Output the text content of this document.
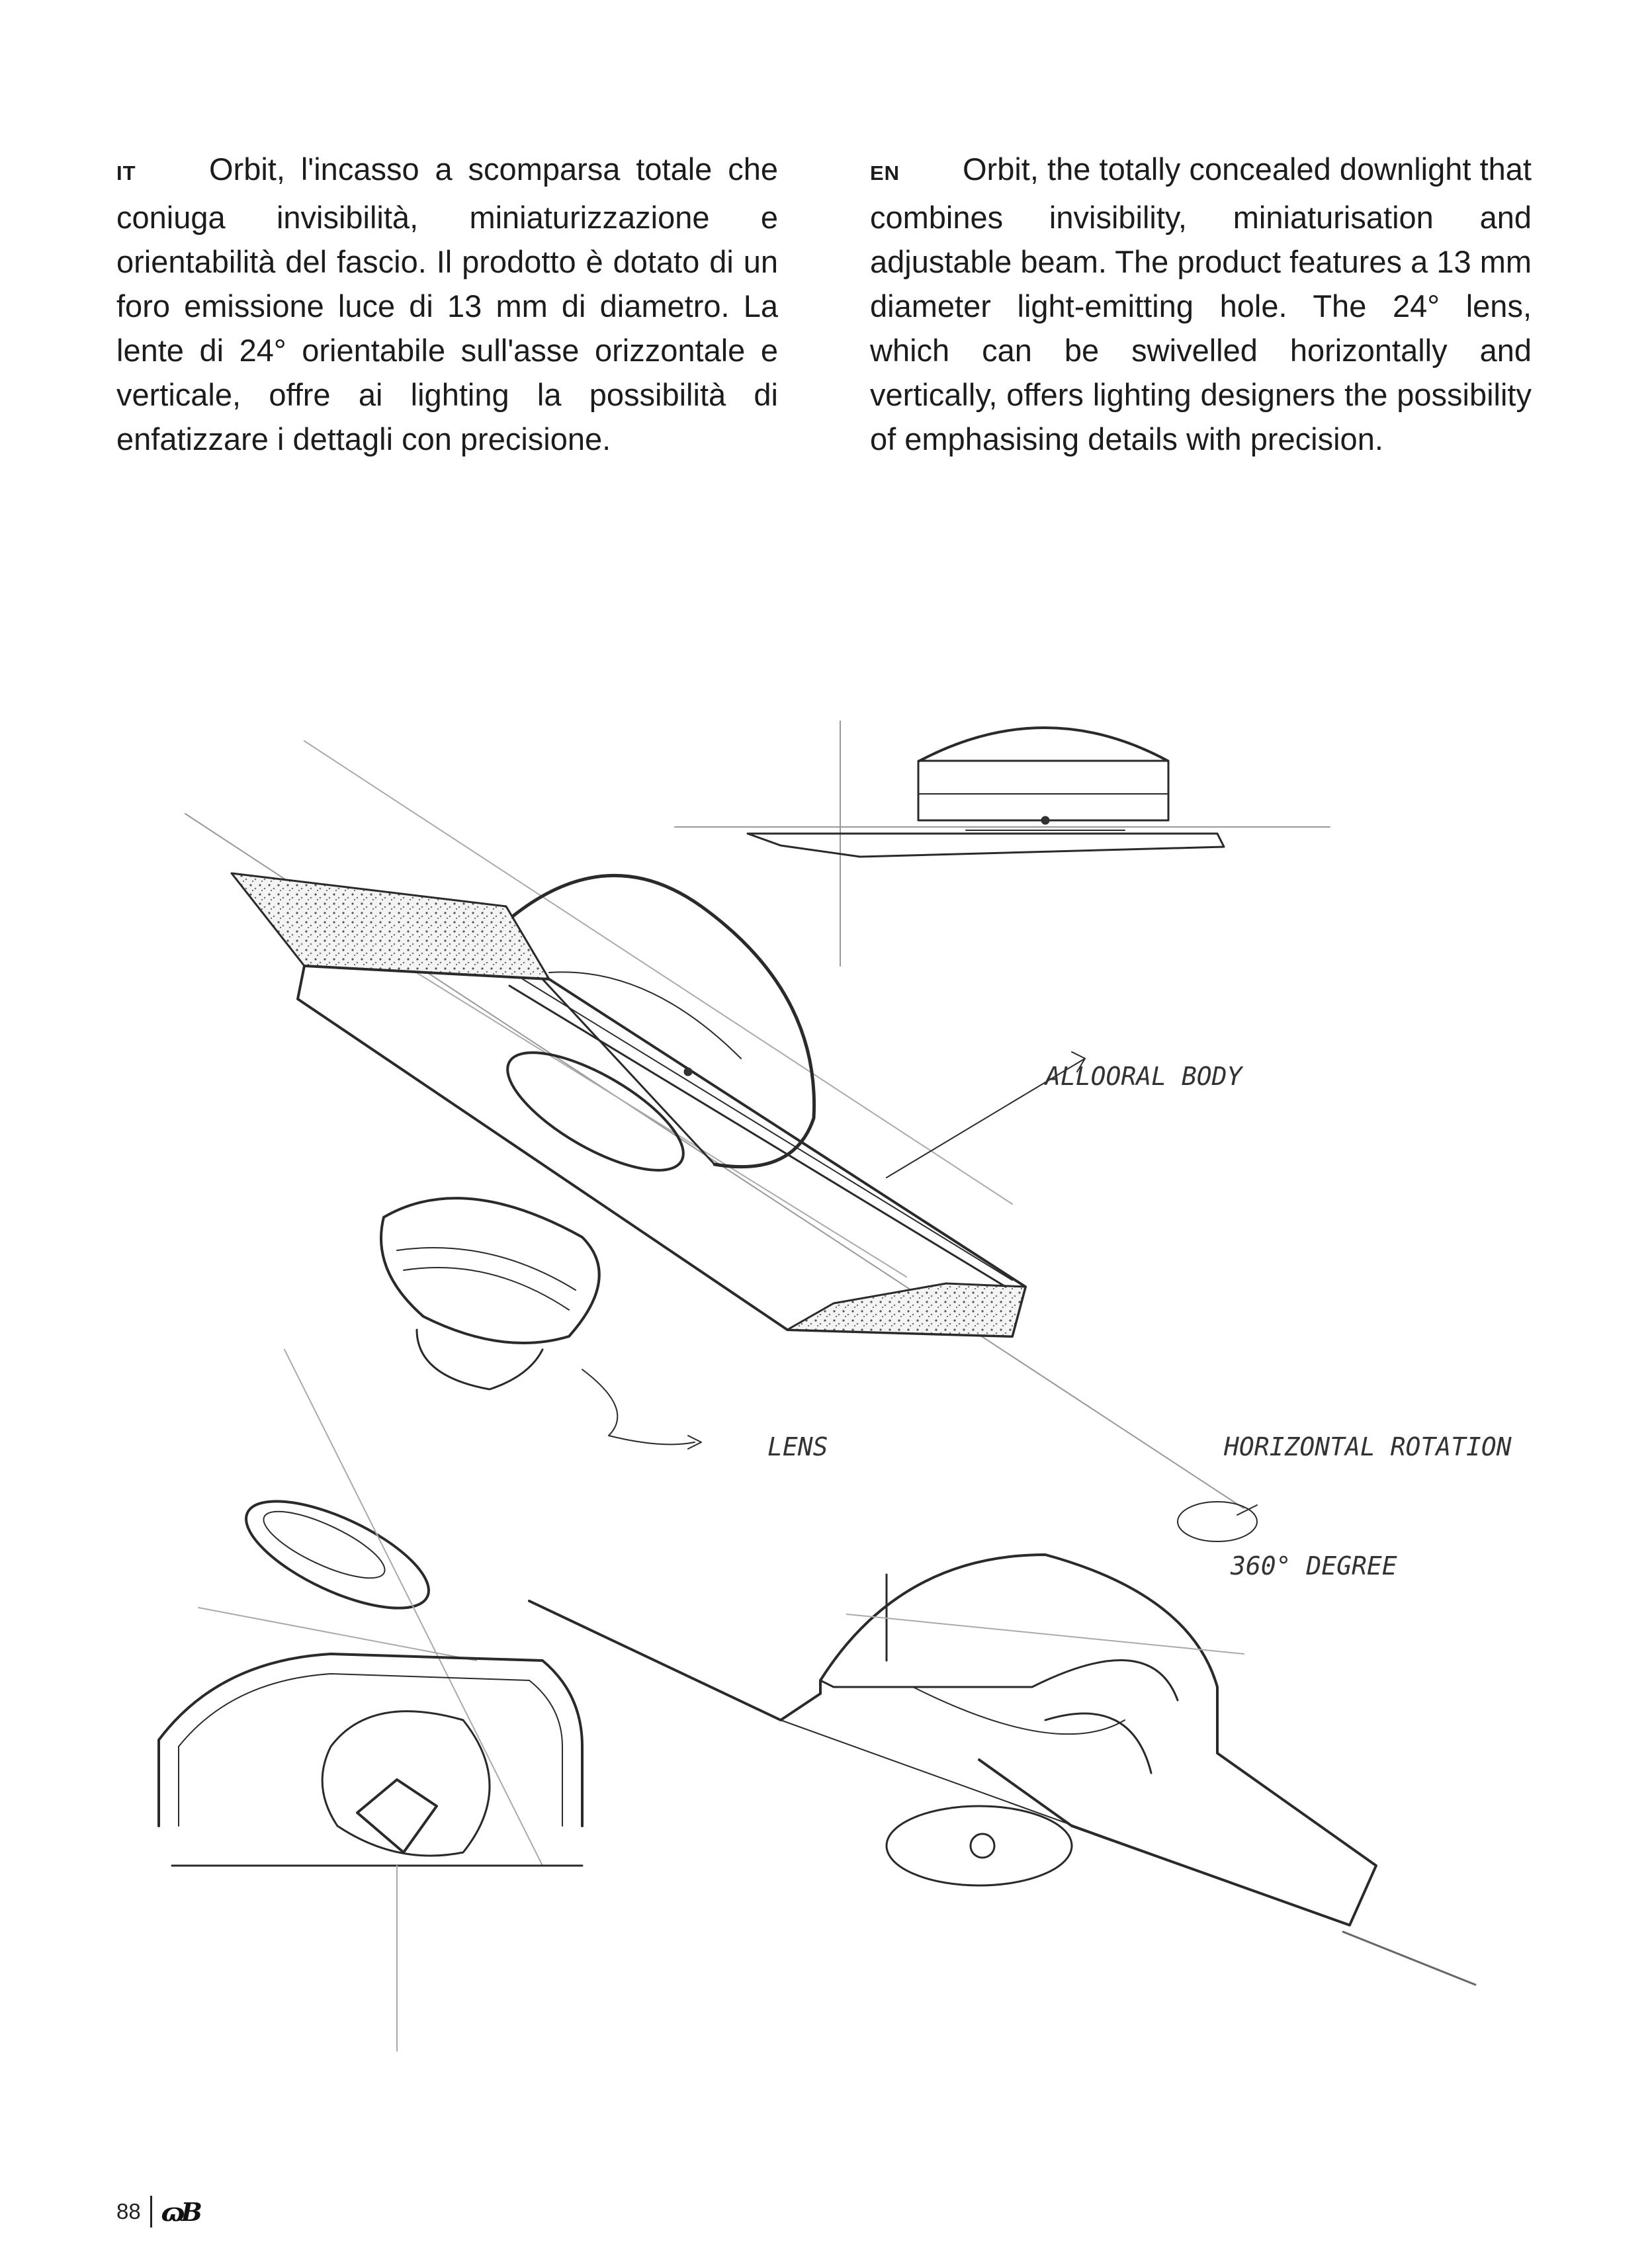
IT Orbit, l'incasso a scomparsa totale che coniuga invisibilità, miniaturizzazione e orientabilità del fascio. Il prodotto è dotato di un foro emissione luce di 13 mm di diametro. La lente di 24° orientabile sull'asse orizzontale e verticale, offre ai lighting la possibilità di enfatizzare i dettagli con precisione.
EN Orbit, the totally concealed downlight that combines invisibility, miniaturisation and adjustable beam. The product features a 13 mm diameter light-emitting hole. The 24° lens, which can be swivelled horizontally and vertically, offers lighting designers the possibility of emphasising details with precision.
ALLOORAL BODY
LENS	HORIZONTAL ROTATION
360° DEGREE
88 ɷB
